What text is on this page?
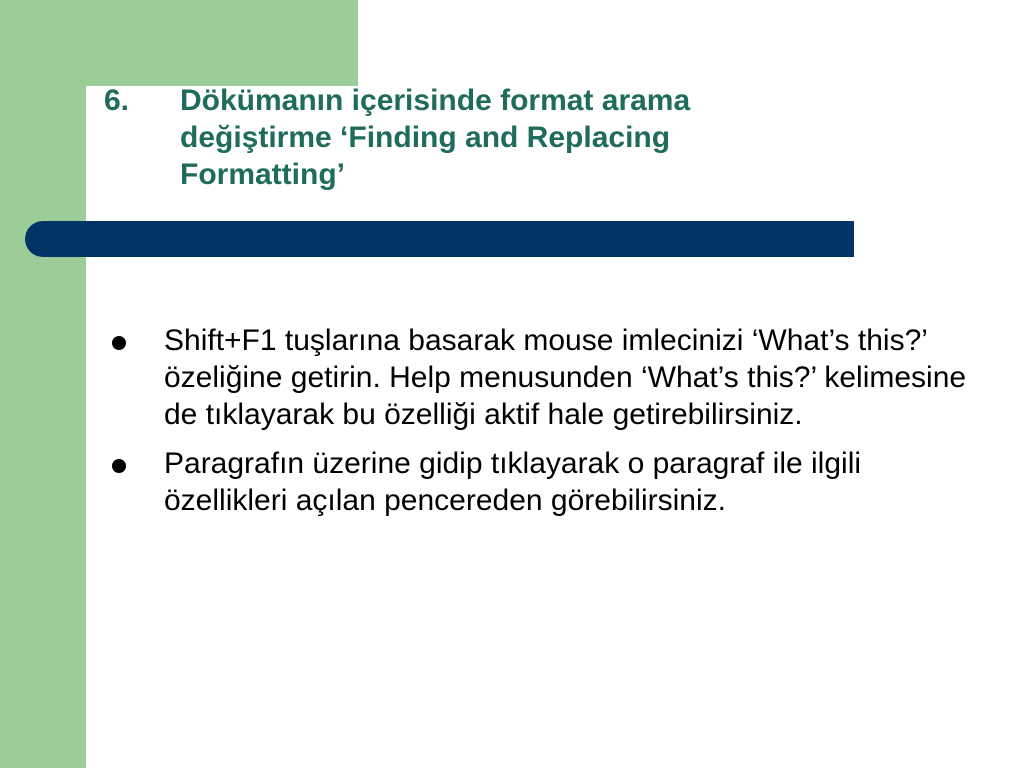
6. Dökümanın içerisinde format arama değiştirme ‘Finding and Replacing Formatting’
Shift+F1 tuşlarına basarak mouse imlecinizi ‘What’s this?’ özeliğine getirin. Help menusunden ‘What’s this?’ kelimesine de tıklayarak bu özelliği aktif hale getirebilirsiniz.
Paragrafın üzerine gidip tıklayarak o paragraf ile ilgili özellikleri açılan pencereden görebilirsiniz.
